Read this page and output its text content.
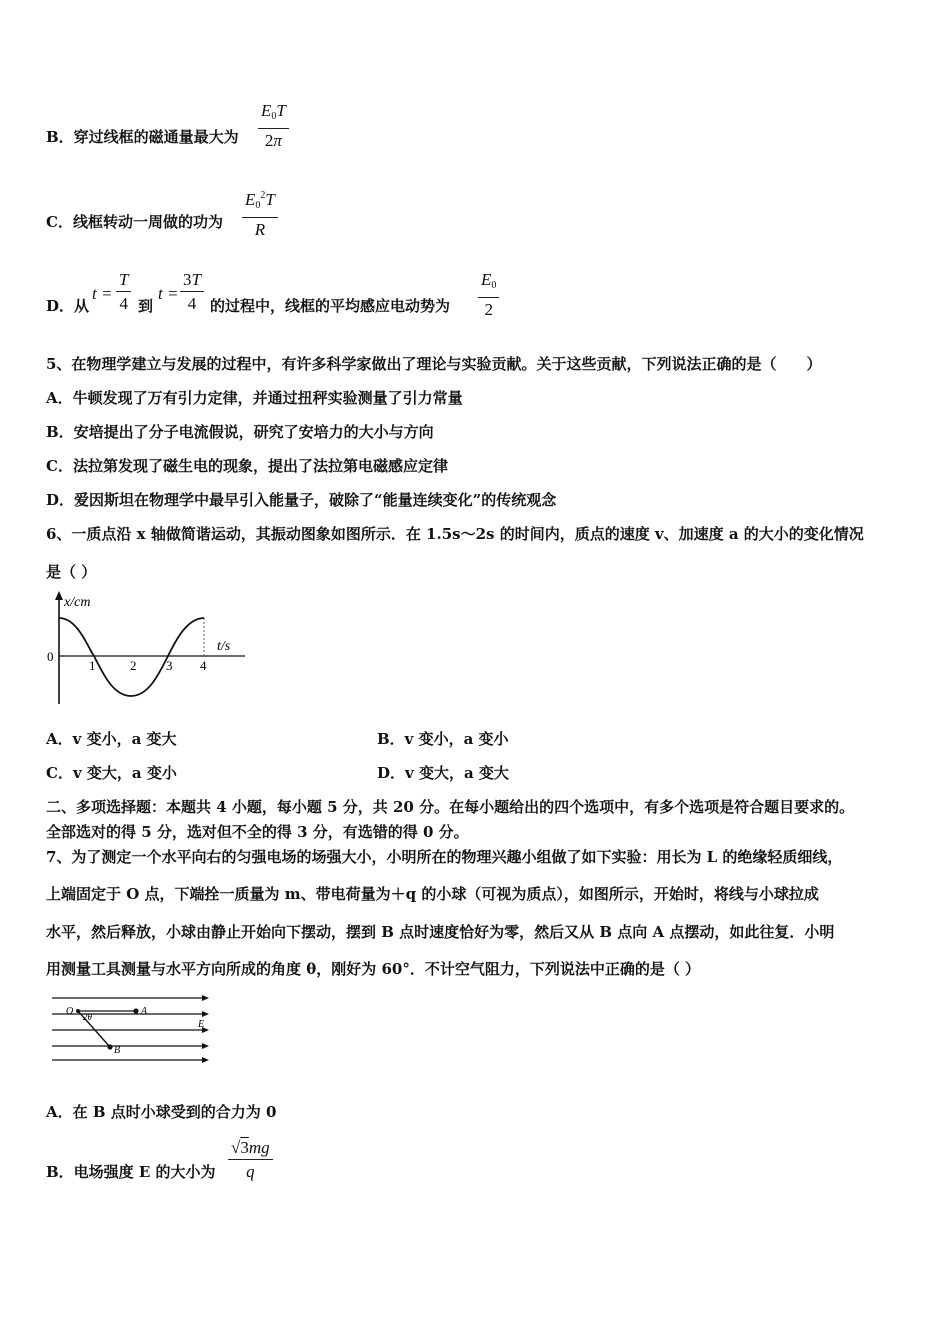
B．穿过线框的磁通量最大为 $\frac{E_0T}{2\pi}$
C．线框转动一周做的功为 $\frac{E_0^2T}{R}$
D．从
$t = \frac{T}{4}$ 到
$t = \frac{3T}{4}$ 的过程中，线框的平均感应电动势为 $\frac{E_0}{2}$
5、在物理学建立与发展的过程中，有许多科学家做出了理论与实验贡献。关于这些贡献，下列说法正确的是（　　）
A．牛顿发现了万有引力定律，并通过扭秤实验测量了引力常量
B．安培提出了分子电流假说，研究了安培力的大小与方向
C．法拉第发现了磁生电的现象，提出了法拉第电磁感应定律
D．爱因斯坦在物理学中最早引入能量子，破除了“能量连续变化”的传统观念
6、一质点沿 x 轴做简谐运动，其振动图象如图所示．在 1.5s～2s 的时间内，质点的速度 v、加速度 a 的大小的变化情况
是（ ）
x/cm
t/s
0
1	2 3 4
A．v 变小，a 变大	B．v 变小，a 变小
C．v 变大，a 变小	D．v 变大，a 变大
二、多项选择题：本题共 4 小题，每小题 5 分，共 20 分。在每小题给出的四个选项中，有多个选项是符合题目要求的。
全部选对的得 5 分，选对但不全的得 3 分，有选错的得 0 分。
7、为了测定一个水平向右的匀强电场的场强大小，小明所在的物理兴趣小组做了如下实验：用长为 L 的绝缘轻质细线，
上端固定于 O 点，下端拴一质量为 m、带电荷量为＋q 的小球（可视为质点），如图所示，开始时，将线与小球拉成
水平，然后释放，小球由静止开始向下摆动，摆到 B 点时速度恰好为零，然后又从 B 点向 A 点摆动，如此往复．小明
用测量工具测量与水平方向所成的角度 θ，刚好为 60°．不计空气阻力，下列说法中正确的是（ ）
O 2θ	A
E
B
A．在 B 点时小球受到的合力为 0
B．电场强度 E 的大小为 $\frac{√3mg}{q}$
